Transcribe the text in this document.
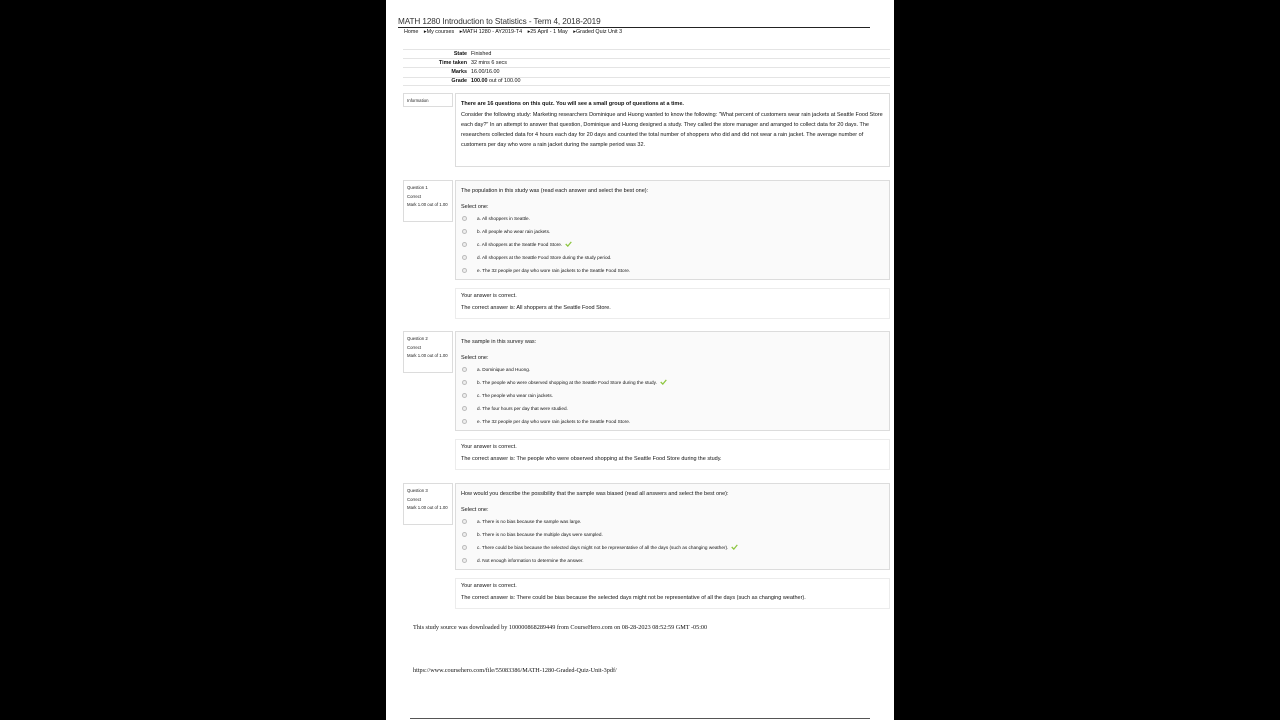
MATH 1280 Introduction to Statistics - Term 4, 2018-2019
Home ▸My courses ▸MATH 1280 - AY2019-T4 ▸25 April - 1 May ▸Graded Quiz Unit 3
State Finished
Time taken 32 mins 6 secs
Marks 16.00/16.00
Grade 100.00 out of 100.00
Information
There are 16 questions on this quiz. You will see a small group of questions at a time.
Consider the following study: Marketing researchers Dominique and Huong wanted to know the following: "What percent of customers wear rain jackets at Seattle Food Store each day?" In an attempt to answer that question, Dominique and Huong designed a study. They called the store manager and arranged to collect data for 20 days. The researchers collected data for 4 hours each day for 20 days and counted the total number of shoppers who did and did not wear a rain jacket. The average number of customers per day who wore a rain jacket during the sample period was 32.
Question 1
Correct
Mark 1.00 out of 1.00
The population in this study was (read each answer and select the best one):
Select one:
a. All shoppers in Seattle.
b. All people who wear rain jackets.
c. All shoppers at the Seattle Food Store.
d. All shoppers at the Seattle Food Store during the study period.
e. The 32 people per day who wore rain jackets to the Seattle Food Store.
Your answer is correct.
The correct answer is: All shoppers at the Seattle Food Store.
Question 2
Correct
Mark 1.00 out of 1.00
The sample in this survey was:
Select one:
a. Dominique and Huong.
b. The people who were observed shopping at the Seattle Food Store during the study.
c. The people who wear rain jackets.
d. The four hours per day that were studied.
e. The 32 people per day who wore rain jackets to the Seattle Food Store.
Your answer is correct.
The correct answer is: The people who were observed shopping at the Seattle Food Store during the study.
Question 3
Correct
Mark 1.00 out of 1.00
How would you describe the possibility that the sample was biased (read all answers and select the best one):
Select one:
a. There is no bias because the sample was large.
b. There is no bias because the multiple days were sampled.
c. There could be bias because the selected days might not be representative of all the days (such as changing weather).
d. Not enough information to determine the answer.
Your answer is correct.
The correct answer is: There could be bias because the selected days might not be representative of all the days (such as changing weather).
This study source was downloaded by 100000868289449 from CourseHero.com on 08-28-2023 08:52:59 GMT -05:00
https://www.coursehero.com/file/55083386/MATH-1280-Graded-Quiz-Unit-3pdf/
